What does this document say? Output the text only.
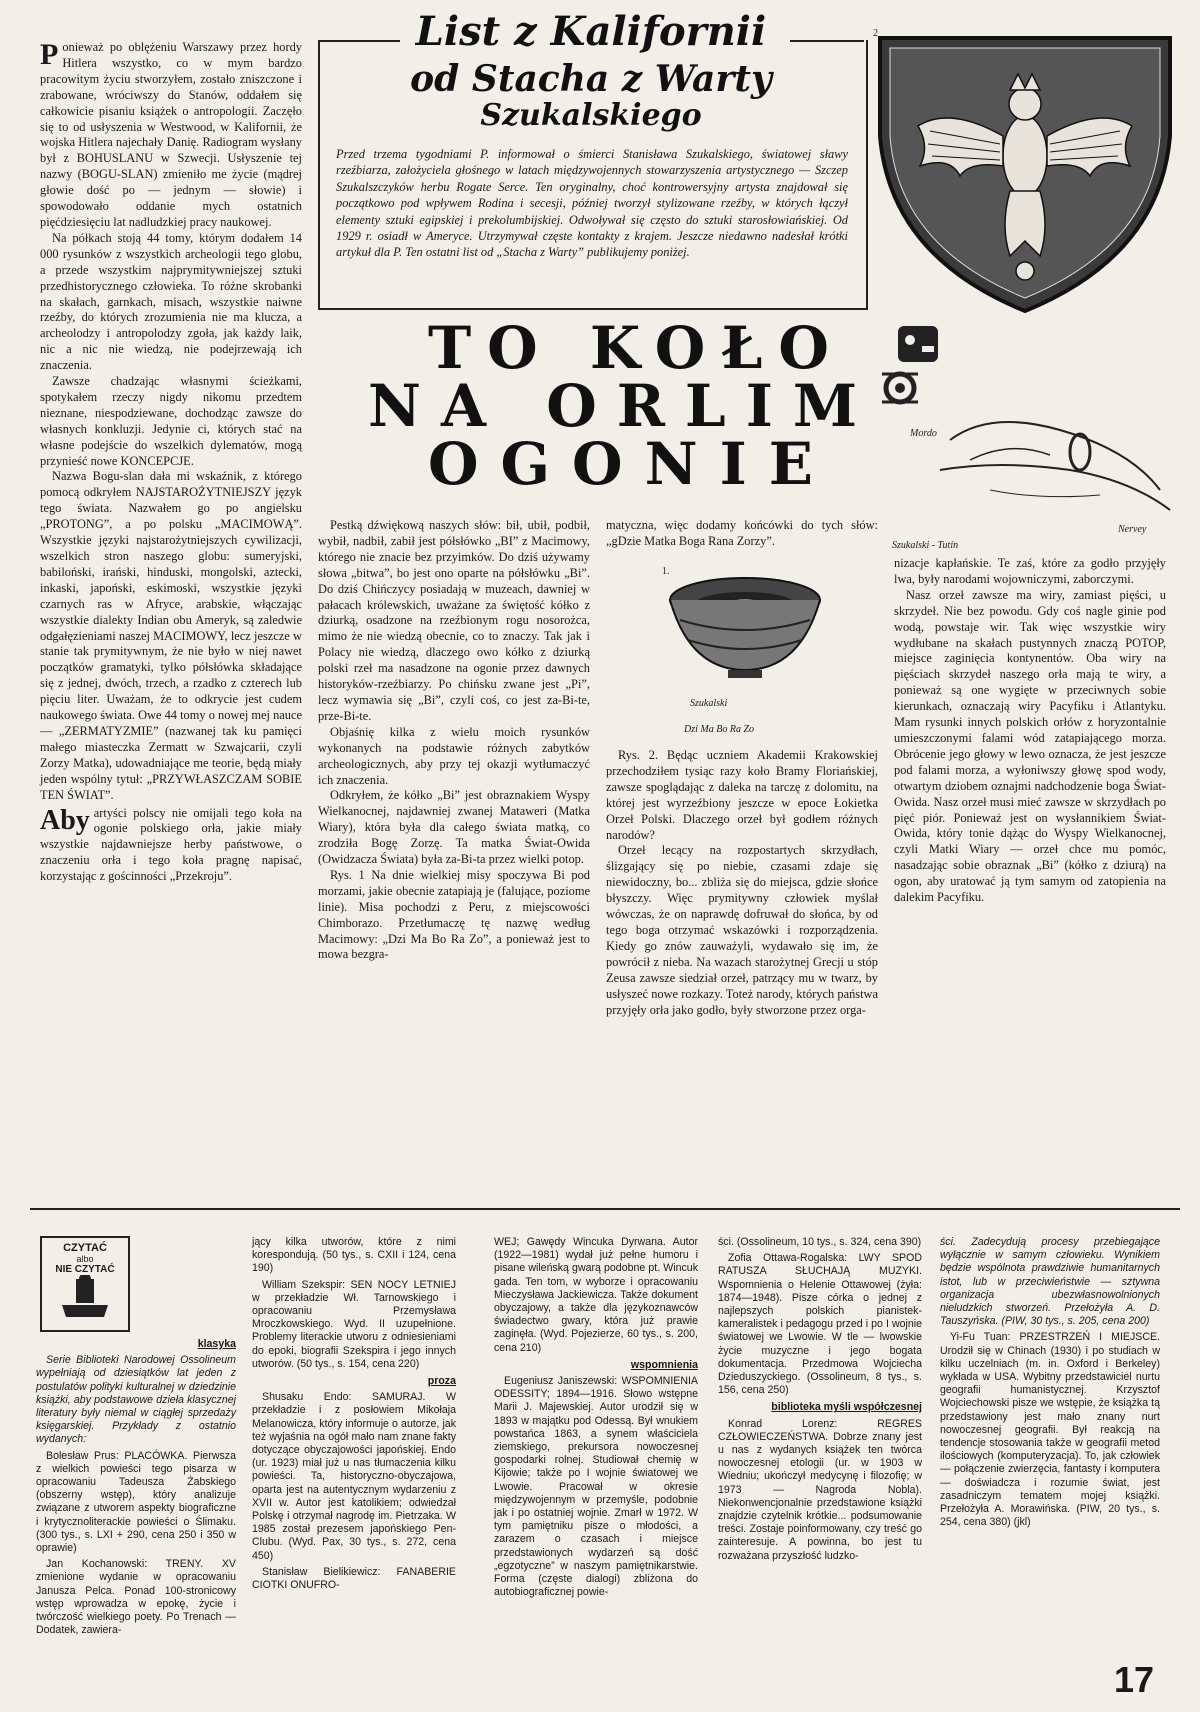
2
List z Kalifornii
od Stacha z Warty
Szukalskiego
Przed trzema tygodniami P. informował o śmierci Stanisława Szukalskiego, światowej sławy rzeźbiarza, założyciela głośnego w latach międzywojennych stowarzyszenia artystycznego — Szczep Szukalszczyków herbu Rogate Serce. Ten oryginalny, choć kontrowersyjny artysta znajdował się początkowo pod wpływem Rodina i secesji, później tworzył stylizowane rzeźby, w których łączył elementy sztuki egipskiej i prekolumbijskiej. Odwoływał się często do sztuki starosłowiańskiej. Od 1929 r. osiadł w Ameryce. Utrzymywał częste kontakty z krajem. Jeszcze niedawno nadesłał krótki artykuł dla P. Ten ostatni list od „Stacha z Warty” publikujemy poniżej.
TO KOŁO
NA ORLIM
OGONIE	Mordo
Nervey
Szukalski - Tutin

Ponieważ po oblężeniu Warszawy przez hordy Hitlera wszystko, co w mym bardzo pracowitym życiu stworzyłem, zostało zniszczone i zrabowane, wróciwszy do Stanów, oddałem się całkowicie pisaniu książek o antropologii. Zaczęło się to od usłyszenia w Westwood, w Kalifornii, że wojska Hitlera najechały Danię. Radiogram wysłany był z BOHUSLANU w Szwecji. Usłyszenie tej nazwy (BOGU-SLAN) zmieniło me życie (mądrej głowie dość po — jednym — słowie) i spowodowało oddanie mych ostatnich pięćdziesięciu lat nadludzkiej pracy naukowej.

Na półkach stoją 44 tomy, którym dodałem 14 000 rysunków z wszystkich archeologii tego globu, a przede wszystkim najprymitywniejszej sztuki przedhistorycznego człowieka. To różne skrobanki na skałach, garnkach, misach, wszystkie naiwne rzeźby, do których zrozumienia nie ma klucza, a archeolodzy i antropolodzy zgoła, jak każdy laik, nic a nic nie wiedzą, nie podejrzewają ich znaczenia.

Zawsze chadzając własnymi ścieżkami, spotykałem rzeczy nigdy nikomu przedtem nieznane, niespodziewane, dochodząc zawsze do własnych konkluzji. Jedynie ci, których stać na własne podejście do wszelkich dylematów, mogą przynieść nowe KONCEPCJE.

Nazwa Bogu-slan dała mi wskaźnik, z którego pomocą odkryłem NAJSTAROŻYTNIEJSZY język tego świata. Nazwałem go po angielsku „PROTONG”, a po polsku „MACIMOWĄ”. Wszystkie języki najstarożytniejszych cywilizacji, wszelkich stron naszego globu: sumeryjski, babiloński, irański, hinduski, mongolski, aztecki, inkaski, japoński, eskimoski, wszystkie języki czarnych ras w Afryce, arabskie, włączając wszystkie dialekty Indian obu Ameryk, są zaledwie odgałęzieniami naszej MACIMOWY, lecz jeszcze w stanie tak prymitywnym, że nie było w niej nawet początków gramatyki, tylko półsłówka składające się z jednej, dwóch, trzech, a rzadko z czterech lub pięciu liter. Uważam, że to odkrycie jest cudem naukowego świata. Owe 44 tomy o nowej mej nauce — „ZERMATYZMIE” (nazwanej tak ku pamięci małego miasteczka Zermatt w Szwajcarii, czyli Zorzy Matka), udowadniające me teorie, będą miały jeden wspólny tytuł: „PRZYWŁASZCZAM SOBIE TEN ŚWIAT”.

Aby artyści polscy nie omijali tego koła na ogonie polskiego orła, jakie miały wszystkie najdawniejsze herby państwowe, o znaczeniu orła i tego koła pragnę napisać, korzystając z gościnności „Przekroju”.

Pestką dźwiękową naszych słów: bił, ubił, podbił, wybił, nadbił, zabił jest półsłówko „BI” z Macimowy, którego nie znacie bez przyimków. Do dziś używamy słowa „bitwa”, bo jest ono oparte na półsłówku „Bi”. Do dziś Chińczycy posiadają w muzeach, dawniej w pałacach królewskich, uważane za świętość kółko z dziurką, osadzone na rzeźbionym rogu nosorożca, mimo że nie wiedzą obecnie, co to znaczy. Tak jak i Polacy nie wiedzą, dlaczego owo kółko z dziurką polski rzeł ma nasadzone na ogonie przez dawnych historyków-rzeźbiarzy. Po chińsku zwane jest „Pi”, lecz wymawia się „Bi”, czyli coś, co jest za-Bi-te, prze-Bi-te.

Objaśnię kilka z wielu moich rysunków wykonanych na podstawie różnych zabytków archeologicznych, aby przy tej okazji wytłumaczyć ich znaczenia.

Odkryłem, że kółko „Bi” jest obraznakiem Wyspy Wielkanocnej, najdawniej zwanej Mataweri (Matka Wiary), która była dla całego świata matką, co zrodziła Bogę Zorzę. Ta matka Świat-Owida (Owidzacza Świata) była za-Bi-ta przez wielki potop.

Rys. 1 Na dnie wielkiej misy spoczywa Bi pod morzami, jakie obecnie zatapiają je (falujące, poziome linie). Misa pochodzi z Peru, z miejscowości Chimborazo. Przetłumaczę tę nazwę według Macimowy: „Dzi Ma Bo Ra Zo”, a ponieważ jest to mowa bezgra-

matyczna, więc dodamy końcówki do tych słów: „gDzie Matka Boga Rana Zorzy”.

1.
Szukalski
Dzi Ma Bo Ra Zo

Rys. 2. Będąc uczniem Akademii Krakowskiej przechodziłem tysiąc razy koło Bramy Floriańskiej, zawsze spoglądając z daleka na tarczę z dolomitu, na której jest wyrzeźbiony jeszcze w epoce Łokietka Orzeł Polski. Dlaczego orzeł był godłem różnych narodów?

Orzeł lecący na rozpostartych skrzydłach, ślizgający się po niebie, czasami zdaje się niewidoczny, bo... zbliża się do miejsca, gdzie słońce błyszczy. Więc prymitywny człowiek myślał wówczas, że on naprawdę dofruwał do słońca, by od tego boga otrzymać wskazówki i rozporządzenia. Kiedy go znów zauważyli, wydawało się im, że powrócił z nieba. Na wazach starożytnej Grecji u stóp Zeusa zawsze siedział orzeł, patrzący mu w twarz, by usłyszeć nowe rozkazy. Toteż narody, których państwa przyjęły orła jako godło, były stworzone przez orga-

nizacje kapłańskie. Te zaś, które za godło przyjęły lwa, były narodami wojowniczymi, zaborczymi.

Nasz orzeł zawsze ma wiry, zamiast pięści, u skrzydeł. Nie bez powodu. Gdy coś nagle ginie pod wodą, powstaje wir. Tak więc wszystkie wiry wydłubane na skałach pustynnych znaczą POTOP, miejsce zaginięcia kontynentów. Oba wiry na pięściach skrzydeł naszego orła mają te wiry, a ponieważ są one wygięte w przeciwnych sobie kierunkach, oznaczają wiry Pacyfiku i Atlantyku. Mam rysunki innych polskich orłów z horyzontalnie umieszczonymi falami wód zatapiającego morza. Obrócenie jego głowy w lewo oznacza, że jest jeszcze pod falami morza, a wyłoniwszy głowę spod wody, otwartym dziobem oznajmi nadchodzenie boga Świat-Owida. Nasz orzeł musi mieć zawsze w skrzydłach po pięć piór. Ponieważ jest on wysłannikiem Świat-Owida, który tonie dążąc do Wyspy Wielkanocnej, czyli Matki Wiary — orzeł chce mu pomóc, nasadzając sobie obraznak „Bi” (kółko z dziurą) na ogon, aby uratować ją tym samym od zatopienia na dalekim Pacyfiku.

CZYTAĆ
albo
NIE CZYTAĆ

klasyka

Serie Biblioteki Narodowej Ossolineum wypełniają od dziesiątków lat jeden z postulatów polityki kulturalnej w dziedzinie książki, aby podstawowe dzieła klasycznej literatury były niemal w ciągłej sprzedaży księgarskiej. Przykłady z ostatnio wydanych:

Bolesław Prus: PLACÓWKA. Pierwsza z wielkich powieści tego pisarza w opracowaniu Tadeusza Żabskiego (obszerny wstęp), który analizuje związane z utworem aspekty biograficzne i krytycznoliterackie powieści o Ślimaku. (300 tys., s. LXI + 290, cena 250 i 350 w oprawie)

Jan Kochanowski: TRENY. XV zmienione wydanie w opracowaniu Janusza Pelca. Ponad 100-stronicowy wstęp wprowadza w epokę, życie i twórczość wielkiego poety. Po Trenach — Dodatek, zawiera-

jący kilka utworów, które z nimi korespondują. (50 tys., s. CXII i 124, cena 190)

William Szekspir: SEN NOCY LETNIEJ w przekładzie Wł. Tarnowskiego i opracowaniu Przemysława Mroczkowskiego. Wyd. II uzupełnione. Problemy literackie utworu z odniesieniami do epoki, biografii Szekspira i jego innych utworów. (50 tys., s. 154, cena 220)

proza

Shusaku Endo: SAMURAJ. W przekładzie i z posłowiem Mikołaja Melanowicza, który informuje o autorze, jak też wyjaśnia na ogół mało nam znane fakty dotyczące obyczajowości japońskiej. Endo (ur. 1923) miał już u nas tłumaczenia kilku powieści. Ta, historyczno-obyczajowa, oparta jest na autentycznym wydarzeniu z XVII w. Autor jest katolikiem; odwiedzał Polskę i otrzymał nagrodę im. Pietrzaka. W 1985 został prezesem japońskiego Pen-Clubu. (Wyd. Pax, 30 tys., s. 272, cena 450)

Stanisław Bielikiewicz: FANABERIE CIOTKI ONUFRO-

WEJ; Gawędy Wincuka Dyrwana. Autor (1922—1981) wydał już pełne humoru i pisane wileńską gwarą podobne pt. Wincuk gada. Ten tom, w wyborze i opracowaniu Mieczysława Jackiewicza. Także dokument obyczajowy, a także dla językoznawców świadectwo gwary, która już prawie zaginęła. (Wyd. Pojezierze, 60 tys., s. 200, cena 210)

wspomnienia

Eugeniusz Janiszewski: WSPOMNIENIA ODESSITY; 1894—1916. Słowo wstępne Marii J. Majewskiej. Autor urodził się w 1893 w majątku pod Odessą. Był wnukiem powstańca 1863, a synem właściciela ziemskiego, prekursora nowoczesnej gospodarki rolnej. Studiował chemię w Kijowie; także po I wojnie światowej we Lwowie. Pracował w okresie międzywojennym w przemyśle, podobnie jak i po ostatniej wojnie. Zmarł w 1972. W tym pamiętniku pisze o młodości, a zarazem o czasach i miejsce przedstawionych wydarzeń są dość „egzotyczne” w naszym pamiętnikarstwie. Forma (częste dialogi) zbliżona do autobiograficznej powie-

ści. (Ossolineum, 10 tys., s. 324, cena 390)

Zofia Ottawa-Rogalska: LWY SPOD RATUSZA SŁUCHAJĄ MUZYKI. Wspomnienia o Helenie Ottawowej (żyła: 1874—1948). Pisze córka o jednej z najlepszych polskich pianistek-kameralistek i pedagogu przed i po I wojnie światowej we Lwowie. W tle — lwowskie życie muzyczne i jego bogata dokumentacja. Przedmowa Wojciecha Dzieduszyckiego. (Ossolineum, 8 tys., s. 156, cena 250)

biblioteka myśli współczesnej

Konrad Lorenz: REGRES CZŁOWIECZEŃSTWA. Dobrze znany jest u nas z wydanych książek ten twórca nowoczesnej etologii (ur. w 1903 w Wiedniu; ukończył medycynę i filozofię; w 1973 — Nagroda Nobla). Niekonwencjonalnie przedstawione książki znajdzie czytelnik krótkie... podsumowanie treści. Zostaje poinformowany, czy treść go zainteresuje. A powinna, bo jest tu rozważana przyszłość ludzko-

ści. Zadecydują procesy przebiegające wyłącznie w samym człowieku. Wynikiem będzie wspólnota prawdziwie humanitarnych istot, lub w przeciwieństwie — sztywna organizacja ubezwłasnowolnionych nieludzkich stworzeń. Przełożyła A. D. Tauszyńska. (PIW, 30 tys., s. 205, cena 200)

Yi-Fu Tuan: PRZESTRZEŃ I MIEJSCE. Urodził się w Chinach (1930) i po studiach w kilku uczelniach (m. in. Oxford i Berkeley) wykłada w USA. Wybitny przedstawiciel nurtu geografii humanistycznej. Krzysztof Wojciechowski pisze we wstępie, że książka tą przedstawiony jest mało znany nurt nowoczesnej geografii. Był reakcją na tendencje stosowania także w geografii metod ilościowych (komputeryzacja). To, jak człowiek — połączenie zwierzęcia, fantasty i komputera — doświadcza i rozumie świat, jest zasadniczym tematem mojej książki. Przełożyła A. Morawińska. (PIW, 20 tys., s. 254, cena 380) (jkl)

17
